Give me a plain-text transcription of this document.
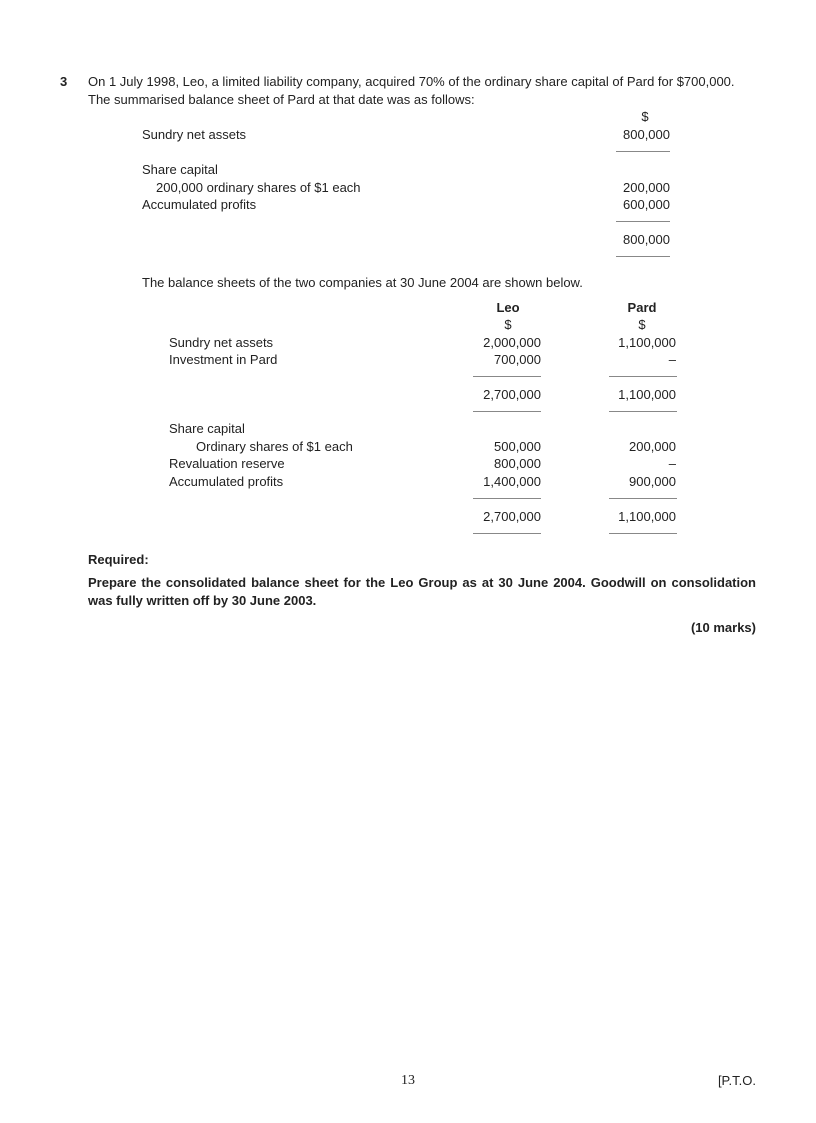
3 On 1 July 1998, Leo, a limited liability company, acquired 70% of the ordinary share capital of Pard for $700,000.
The summarised balance sheet of Pard at that date was as follows:
$
Sundry net assets	800,000
Share capital
200,000 ordinary shares of $1 each	200,000
Accumulated profits	600,000
800,000
The balance sheets of the two companies at 30 June 2004 are shown below.
Leo	Pard
$	$
Sundry net assets	2,000,000	1,100,000
Investment in Pard	700,000	–
2,700,000	1,100,000
Share capital
Ordinary shares of $1 each	500,000	200,000
Revaluation reserve	800,000	–
Accumulated profits	1,400,000	900,000
2,700,000	1,100,000
Required:
Prepare the consolidated balance sheet for the Leo Group as at 30 June 2004. Goodwill on consolidation was fully written off by 30 June 2003.
(10 marks)
13	[P.T.O.
